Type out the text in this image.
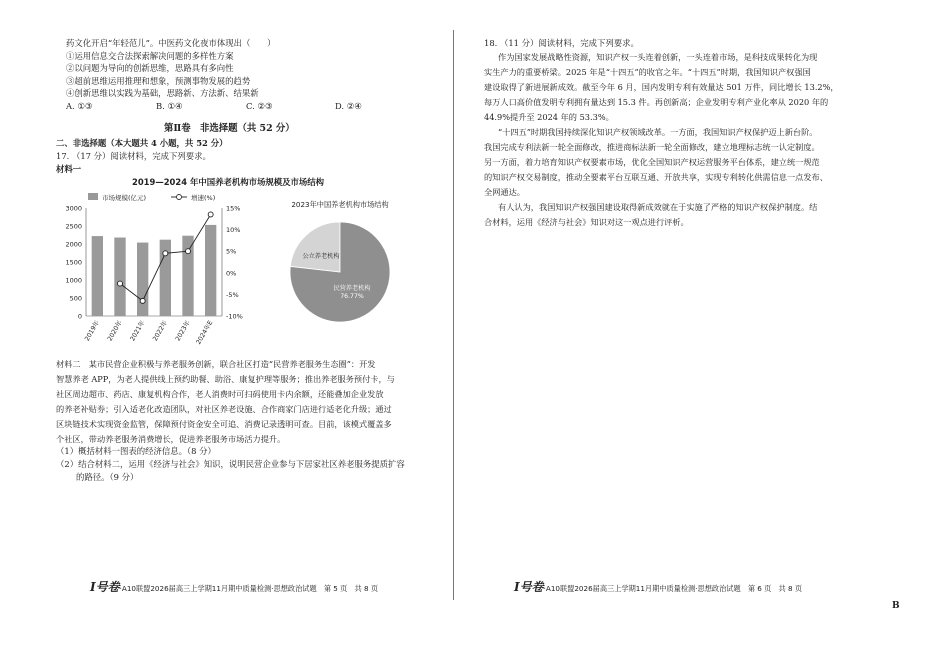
药文化开启“年轻范儿”。中医药文化夜市体现出（　　）
①运用信息交合法探索解决问题的多样性方案
②以问题为导向的创新思维，思路具有多向性
③超前思维运用推理和想象，预测事物发展的趋势
④创新思维以实践为基础，思路新、方法新、结果新
A. ①③	B. ①④	C. ②③	D. ②④
第Ⅱ卷　非选择题（共 52 分）
二、非选择题（本大题共 4 小题，共 52 分）
17. （17 分）阅读材料，完成下列要求。
材料一
2019—2024 年中国养老机构市场规模及市场结构
市场规模(亿元)	增速(%)
0
500
1000
1500
2000
2500
3000
-10%
-5%
0%
5%
10%
15%
2019年 2020年 2021年 2022年 2023年 2024年E
2023年中国养老机构市场结构
公立养老机构
民营养老机构
76.77%
材料二　某市民营企业积极与养老服务创新，联合社区打造“民营养老服务生态圈”：开发
智慧养老 APP，为老人提供线上预约助餐、助浴、康复护理等服务；推出养老服务预付卡，与
社区周边超市、药店、康复机构合作，老人消费时可扫码使用卡内余额，还能叠加企业发放
的养老补贴券；引入适老化改造团队，对社区养老设施、合作商家门店进行适老化升级；通过
区块链技术实现资金监管，保障预付资金安全可追、消费记录透明可查。目前，该模式覆盖多
个社区，带动养老服务消费增长，促进养老服务市场活力提升。
（1）概括材料一图表的经济信息。（8 分）
（2）结合材料二，运用《经济与社会》知识，说明民营企业参与下居家社区养老服务提质扩容
的路径。（9 分）
18. （11 分）阅读材料，完成下列要求。
作为国家发展战略性资源，知识产权一头连着创新，一头连着市场，是科技成果转化为现
实生产力的重要桥梁。2025 年是“十四五”的收官之年。“十四五”时期，我国知识产权强国
建设取得了新进展新成效。截至今年 6 月，国内发明专利有效量达 501 万件，同比增长 13.2%，
每万人口高价值发明专利拥有量达到 15.3 件。再创新高；企业发明专利产业化率从 2020 年的
44.9%提升至 2024 年的 53.3%。
“十四五”时期我国持续深化知识产权领域改革。一方面，我国知识产权保护迈上新台阶。
我国完成专利法新一轮全面修改，推进商标法新一轮全面修改，建立地理标志统一认定制度。
另一方面，着力培育知识产权要素市场，优化全国知识产权运营服务平台体系，建立统一规范
的知识产权交易制度，推动全要素平台互联互通、开放共享，实现专利转化供需信息一点发布、
全网通达。
有人认为，我国知识产权强国建设取得新成效就在于实施了严格的知识产权保护制度。结
合材料，运用《经济与社会》知识对这一观点进行评析。
I号卷·A10联盟2026届高三上学期11月期中质量检测·思想政治试题　第 5 页　共 8 页	I号卷·A10联盟2026届高三上学期11月期中质量检测·思想政治试题　第 6 页　共 8 页
B
